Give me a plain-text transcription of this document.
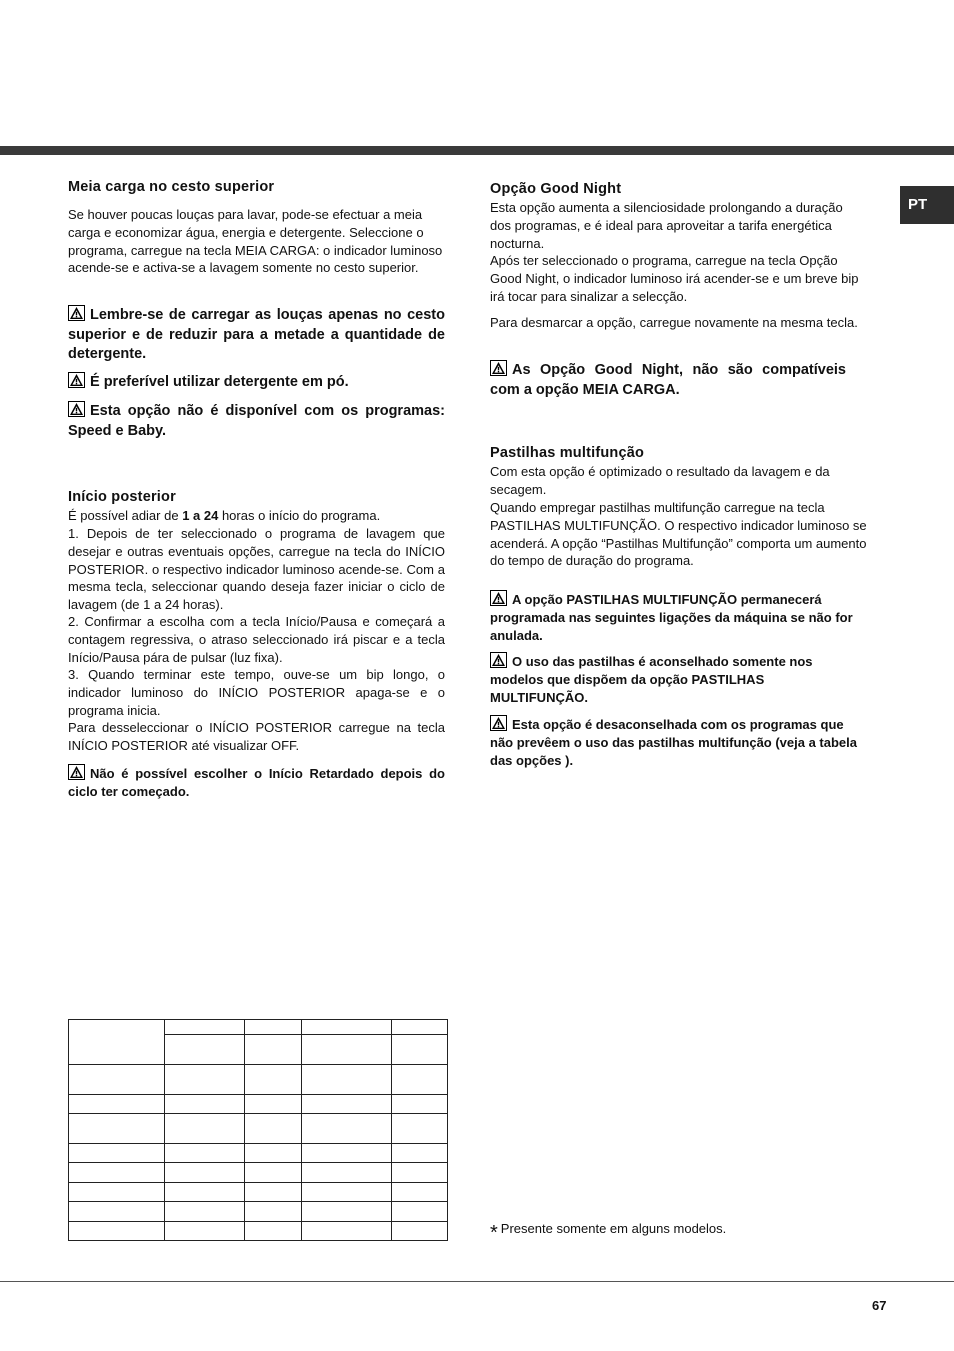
PT
Meia carga no cesto superior

Se houver poucas louças para lavar, pode-se efectuar a meia carga e economizar água, energia e detergente. Seleccione o programa, carregue na tecla MEIA CARGA: o indicador luminoso acende-se e activa-se a lavagem somente no cesto superior.

Lembre-se de carregar as louças apenas no cesto superior e de reduzir para a metade a quantidade de detergente.

É preferível utilizar detergente em pó.

Esta opção não é disponível com os programas: Speed e Baby.

Início posterior

É possível adiar de 1 a 24 horas o início do programa.

1. Depois de ter seleccionado o programa de lavagem que desejar e outras eventuais opções, carregue na tecla do INÍCIO POSTERIOR. o respectivo indicador luminoso acende-se. Com a mesma tecla, seleccionar quando deseja fazer iniciar o ciclo de lavagem (de 1 a 24 horas).

2. Confirmar a escolha com a tecla Início/Pausa e começará a contagem regressiva, o atraso seleccionado irá piscar e a tecla Início/Pausa pára de pulsar (luz fixa).

3. Quando terminar este tempo, ouve-se um bip longo, o indicador luminoso do INÍCIO POSTERIOR apaga-se e o programa inicia.

Para desseleccionar o INÍCIO POSTERIOR carregue na tecla INÍCIO POSTERIOR até visualizar OFF.

Não é possível escolher o Início Retardado depois do ciclo ter começado.

Opção Good Night

Esta opção aumenta a silenciosidade prolongando a duração dos programas, e é ideal para aproveitar a tarifa energética nocturna.

Após ter seleccionado o programa, carregue na tecla Opção Good Night, o indicador luminoso irá acender-se e um breve bip irá tocar para sinalizar a selecção.

Para desmarcar a opção, carregue novamente na mesma tecla.

As Opção Good Night, não são compatíveis com a opção MEIA CARGA.

Pastilhas multifunção

Com esta opção é optimizado o resultado da lavagem e da secagem.

Quando empregar pastilhas multifunção carregue na tecla PASTILHAS MULTIFUNÇÃO. O respectivo indicador luminoso se acenderá. A opção “Pastilhas Multifunção” comporta um aumento do tempo de duração do programa.

A opção PASTILHAS MULTIFUNÇÃO permanecerá programada nas seguintes ligações da máquina se não for anulada.

O uso das pastilhas é aconselhado somente nos modelos que dispõem da opção PASTILHAS MULTIFUNÇÃO.

Esta opção é desaconselhada com os programas que não prevêem o uso das pastilhas multifunção (veja a tabela das opções ).

* Presente somente em alguns modelos.
67
